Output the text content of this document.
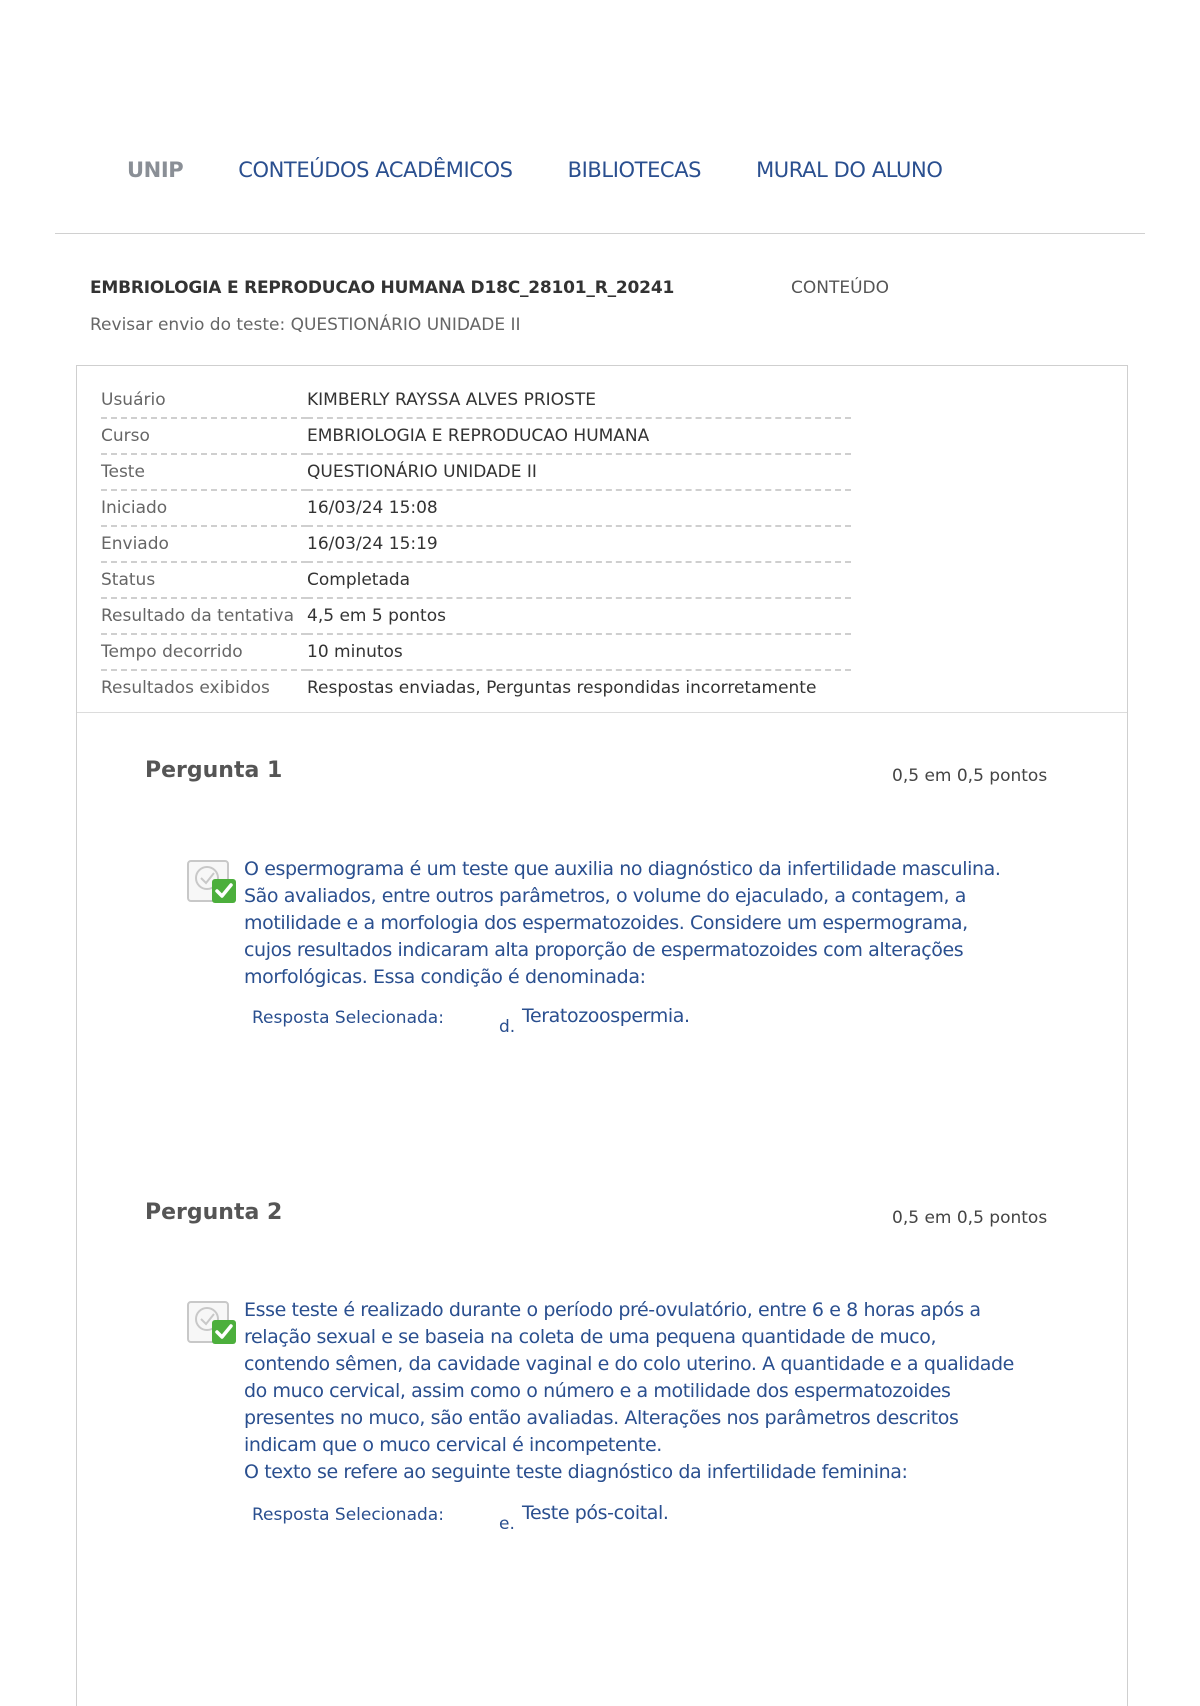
UNIP	CONTEÚDOS ACADÊMICOS	BIBLIOTECAS	MURAL DO ALUNO
EMBRIOLOGIA E REPRODUCAO HUMANA D18C_28101_R_20241	CONTEÚDO
Revisar envio do teste: QUESTIONÁRIO UNIDADE II
Usuário	KIMBERLY RAYSSA ALVES PRIOSTE
Curso	EMBRIOLOGIA E REPRODUCAO HUMANA
Teste	QUESTIONÁRIO UNIDADE II
Iniciado	16/03/24 15:08
Enviado	16/03/24 15:19
Status	Completada
Resultado da tentativa	4,5 em 5 pontos
Tempo decorrido	10 minutos
Resultados exibidos	Respostas enviadas, Perguntas respondidas incorretamente
Pergunta 1	0,5 em 0,5 pontos
O espermograma é um teste que auxilia no diagnóstico da infertilidade masculina.
São avaliados, entre outros parâmetros, o volume do ejaculado, a contagem, a
motilidade e a morfologia dos espermatozoides. Considere um espermograma,
cujos resultados indicaram alta proporção de espermatozoides com alterações
morfológicas. Essa condição é denominada:
Resposta Selecionada:	d. Teratozoospermia.
Pergunta 2	0,5 em 0,5 pontos
Esse teste é realizado durante o período pré-ovulatório, entre 6 e 8 horas após a
relação sexual e se baseia na coleta de uma pequena quantidade de muco,
contendo sêmen, da cavidade vaginal e do colo uterino. A quantidade e a qualidade
do muco cervical, assim como o número e a motilidade dos espermatozoides
presentes no muco, são então avaliadas. Alterações nos parâmetros descritos
indicam que o muco cervical é incompetente.
O texto se refere ao seguinte teste diagnóstico da infertilidade feminina:
Resposta Selecionada:	e. Teste pós-coital.
